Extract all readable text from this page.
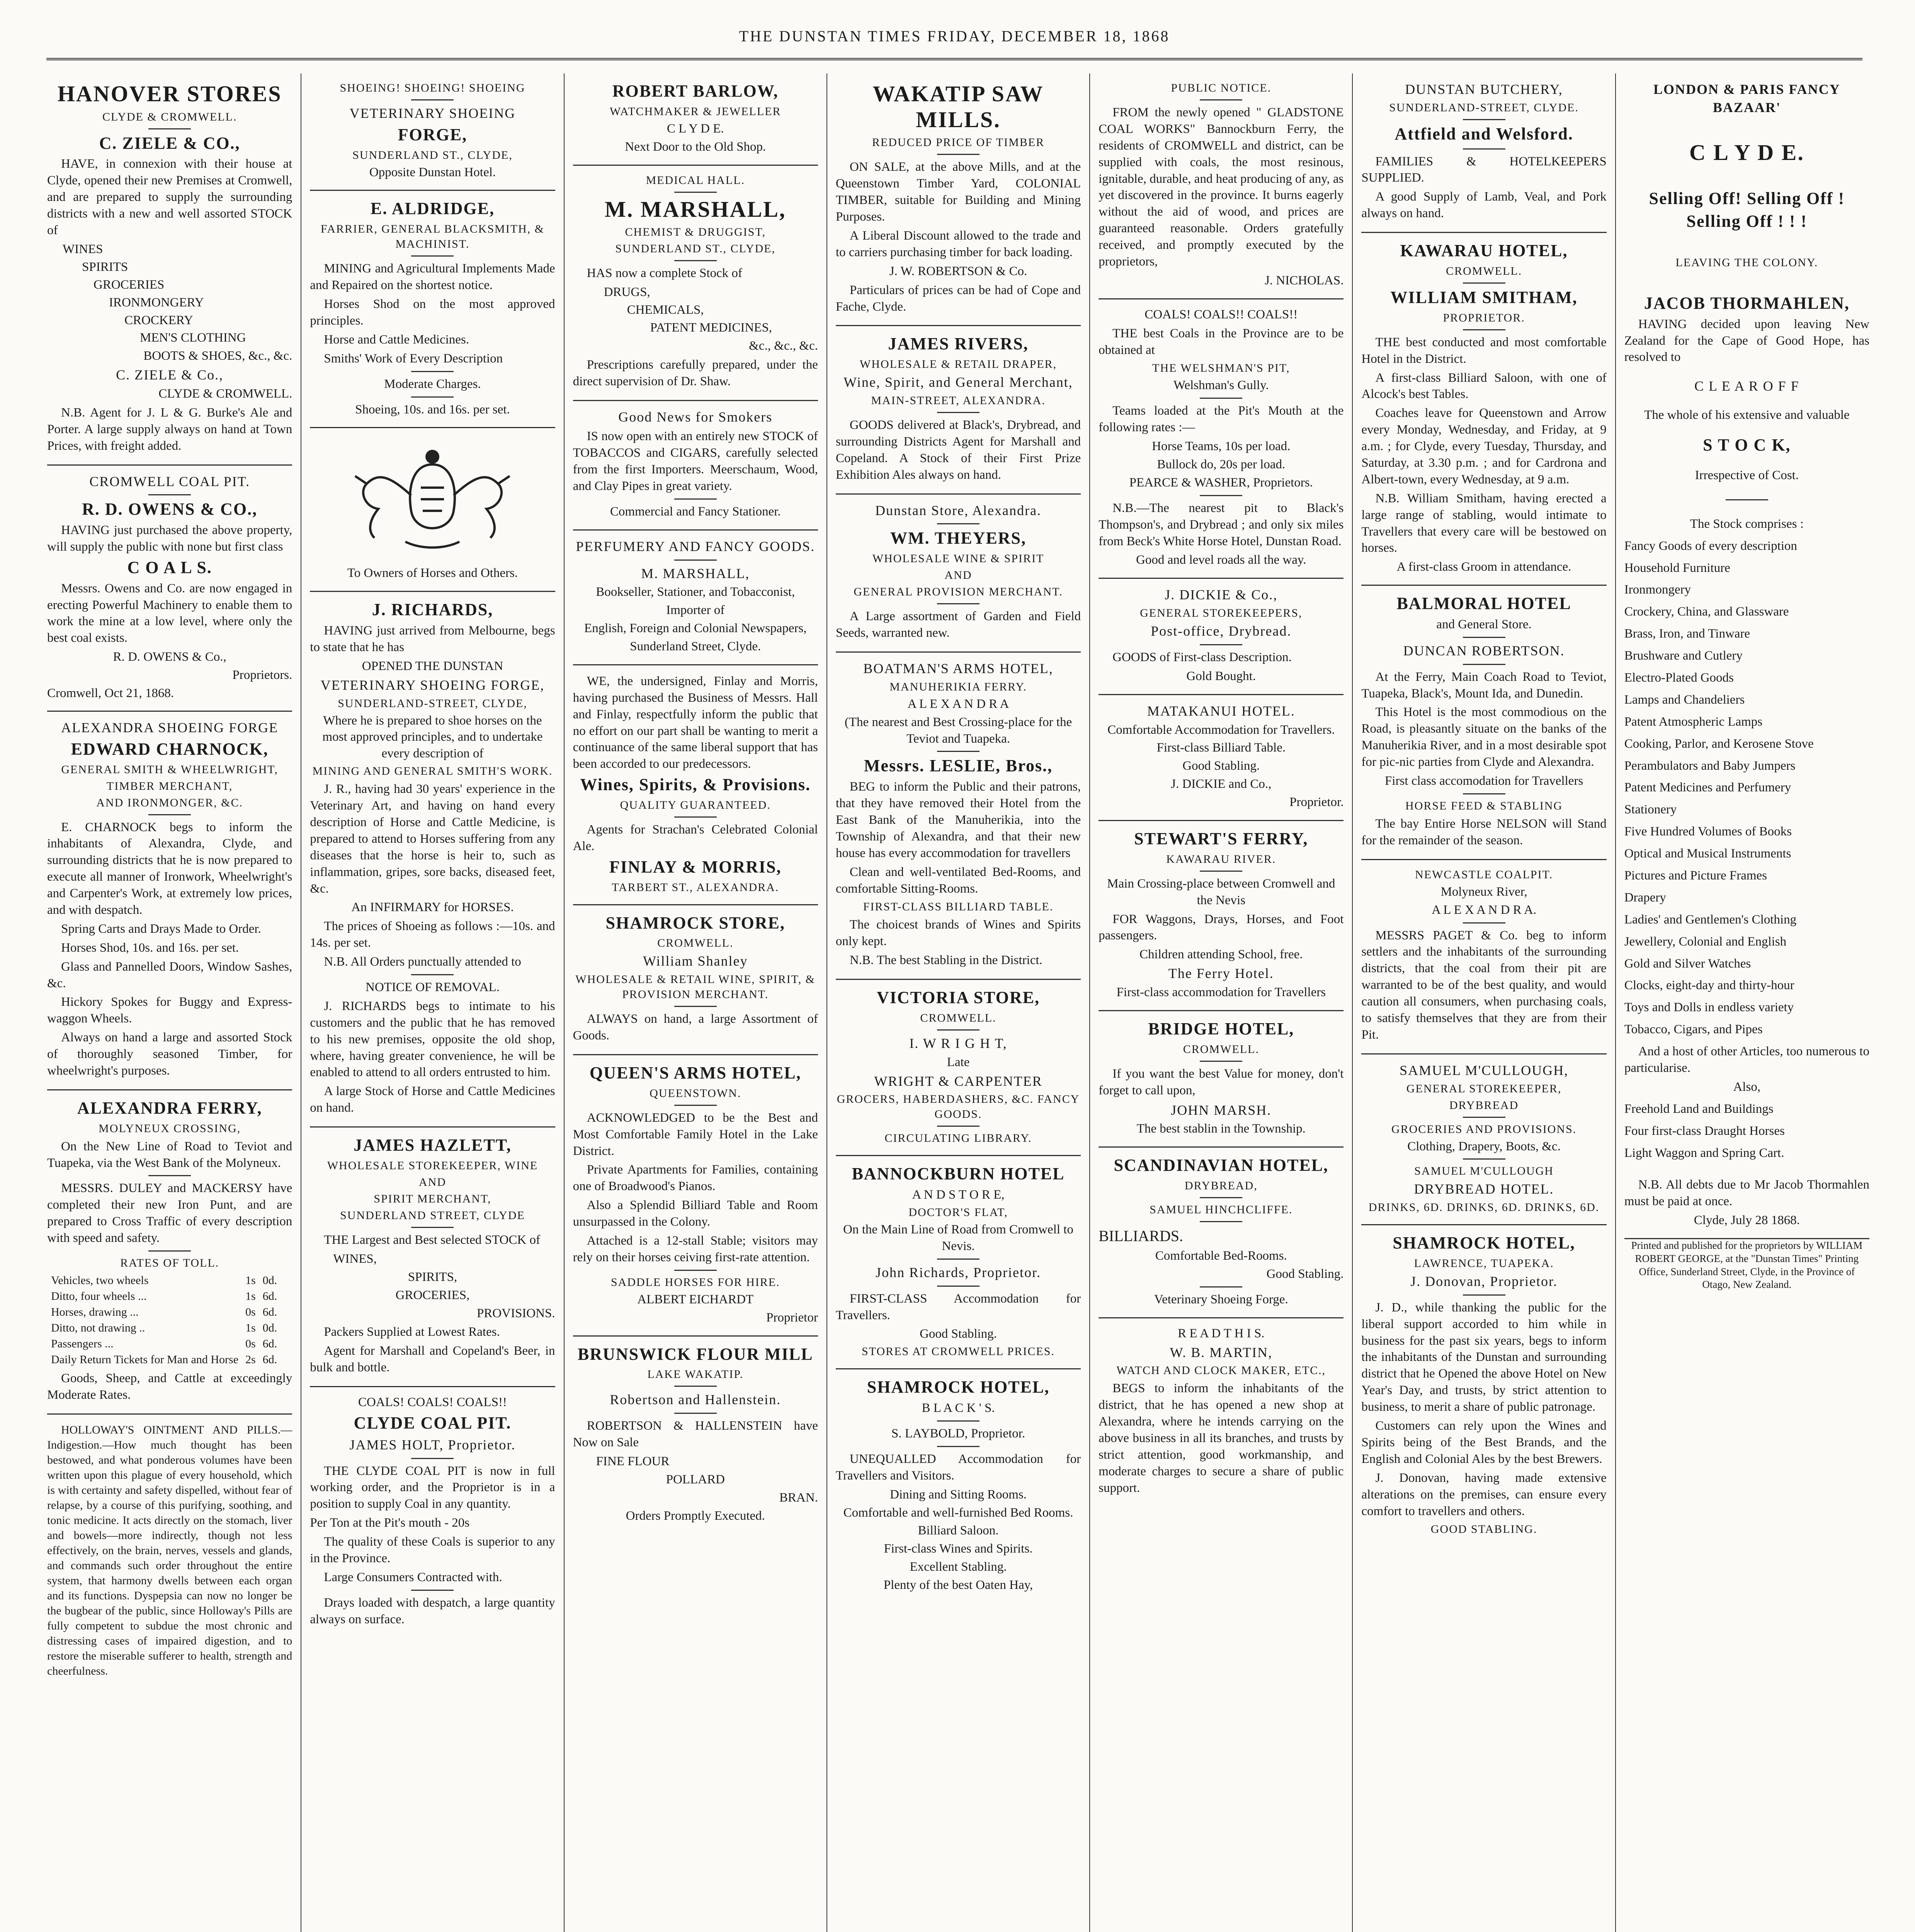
THE DUNSTAN TIMES FRIDAY, DECEMBER 18, 1868
HANOVER STORES
CLYDE & CROMWELL.
C. ZIELE & CO.,
HAVE, in connexion with their house at Clyde, opened their new Premises at Cromwell, and are prepared to supply the surrounding districts with a new and well assorted STOCK of
WINES
SPIRITS
GROCERIES
IRONMONGERY
CROCKERY
MEN'S CLOTHING
BOOTS & SHOES, &c., &c.
C. ZIELE & Co.,
CLYDE & CROMWELL.
N.B. Agent for J. L & G. Burke's Ale and Porter. A large supply always on hand at Town Prices, with freight added.
CROMWELL COAL PIT.
R. D. OWENS & CO.,
HAVING just purchased the above property, will supply the public with none but first class
C O A L S.
Messrs. Owens and Co. are now engaged in erecting Powerful Machinery to enable them to work the mine at a low level, where only the best coal exists.
R. D. OWENS & Co.,
Proprietors.
Cromwell, Oct 21, 1868.
ALEXANDRA SHOEING FORGE
EDWARD CHARNOCK,
GENERAL SMITH & WHEELWRIGHT,
TIMBER MERCHANT,
AND IRONMONGER, &C.
E. CHARNOCK begs to inform the inhabitants of Alexandra, Clyde, and surrounding districts that he is now prepared to execute all manner of Ironwork, Wheelwright's and Carpenter's Work, at extremely low prices, and with despatch.
Spring Carts and Drays Made to Order.
Horses Shod, 10s. and 16s. per set.
Glass and Pannelled Doors, Window Sashes, &c.
Hickory Spokes for Buggy and Express-waggon Wheels.
Always on hand a large and assorted Stock of thoroughly seasoned Timber, for wheelwright's purposes.
ALEXANDRA FERRY,
MOLYNEUX CROSSING,
On the New Line of Road to Teviot and Tuapeka, via the West Bank of the Molyneux.
MESSRS. DULEY and MACKERSY have completed their new Iron Punt, and are prepared to Cross Traffic of every description with speed and safety.
RATES OF TOLL.
Vehicles, two wheels	1s	0d.
Ditto, four wheels ...	1s	6d.
Horses, drawing ...	0s	6d.
Ditto, not drawing ..	1s	0d.
Passengers ...	0s	6d.
Daily Return Tickets for Man and Horse	2s	6d.
Goods, Sheep, and Cattle at exceedingly Moderate Rates.
HOLLOWAY'S OINTMENT AND PILLS.—Indigestion.—How much thought has been bestowed, and what ponderous volumes have been written upon this plague of every household, which is with certainty and safety dispelled, without fear of relapse, by a course of this purifying, soothing, and tonic medicine. It acts directly on the stomach, liver and bowels—more indirectly, though not less effectively, on the brain, nerves, vessels and glands, and commands such order throughout the entire system, that harmony dwells between each organ and its functions. Dyspepsia can now no longer be the bugbear of the public, since Holloway's Pills are fully competent to subdue the most chronic and distressing cases of impaired digestion, and to restore the miserable sufferer to health, strength and cheerfulness.
SHOEING! SHOEING! SHOEING
VETERINARY SHOEING
FORGE,
SUNDERLAND ST., CLYDE,
Opposite Dunstan Hotel.
E. ALDRIDGE,
FARRIER, GENERAL BLACKSMITH, & MACHINIST.
MINING and Agricultural Implements Made and Repaired on the shortest notice.
Horses Shod on the most approved principles.
Horse and Cattle Medicines.
Smiths' Work of Every Description
Moderate Charges.
Shoeing, 10s. and 16s. per set.
To Owners of Horses and Others.
J. RICHARDS,
HAVING just arrived from Melbourne, begs to state that he has
OPENED THE DUNSTAN
VETERINARY SHOEING FORGE,
SUNDERLAND-STREET, CLYDE,
Where he is prepared to shoe horses on the most approved principles, and to undertake every description of
MINING AND GENERAL SMITH'S WORK.
J. R., having had 30 years' experience in the Veterinary Art, and having on hand every description of Horse and Cattle Medicine, is prepared to attend to Horses suffering from any diseases that the horse is heir to, such as inflammation, gripes, sore backs, diseased feet, &c.
An INFIRMARY for HORSES.
The prices of Shoeing as follows :—10s. and 14s. per set.
N.B. All Orders punctually attended to
NOTICE OF REMOVAL.
J. RICHARDS begs to intimate to his customers and the public that he has removed to his new premises, opposite the old shop, where, having greater convenience, he will be enabled to attend to all orders entrusted to him.
A large Stock of Horse and Cattle Medicines on hand.
JAMES HAZLETT,
WHOLESALE STOREKEEPER, WINE
AND
SPIRIT MERCHANT,
SUNDERLAND STREET, CLYDE
THE Largest and Best selected STOCK of
WINES,
SPIRITS,
GROCERIES,
PROVISIONS.
Packers Supplied at Lowest Rates.
Agent for Marshall and Copeland's Beer, in bulk and bottle.
COALS! COALS! COALS!!
CLYDE COAL PIT.
JAMES HOLT, Proprietor.
THE CLYDE COAL PIT is now in full working order, and the Proprietor is in a position to supply Coal in any quantity.
Per Ton at the Pit's mouth - 20s
The quality of these Coals is superior to any in the Province.
Large Consumers Contracted with.
Drays loaded with despatch, a large quantity always on surface.
ROBERT BARLOW,
WATCHMAKER & JEWELLER
C L Y D E.
Next Door to the Old Shop.
MEDICAL HALL.
M. MARSHALL,
CHEMIST & DRUGGIST,
SUNDERLAND ST., CLYDE,
HAS now a complete Stock of
DRUGS,
CHEMICALS,
PATENT MEDICINES,
&c., &c., &c.
Prescriptions carefully prepared, under the direct supervision of Dr. Shaw.
Good News for Smokers
IS now open with an entirely new STOCK of TOBACCOS and CIGARS, carefully selected from the first Importers. Meerschaum, Wood, and Clay Pipes in great variety.
Commercial and Fancy Stationer.
PERFUMERY AND FANCY GOODS.
M. MARSHALL,
Bookseller, Stationer, and Tobacconist,
Importer of
English, Foreign and Colonial Newspapers,
Sunderland Street, Clyde.
WE, the undersigned, Finlay and Morris, having purchased the Business of Messrs. Hall and Finlay, respectfully inform the public that no effort on our part shall be wanting to merit a continuance of the same liberal support that has been accorded to our predecessors.
Wines, Spirits, & Provisions.
QUALITY GUARANTEED.
Agents for Strachan's Celebrated Colonial Ale.
FINLAY & MORRIS,
TARBERT ST., ALEXANDRA.
SHAMROCK STORE,
CROMWELL.
William Shanley
WHOLESALE & RETAIL WINE, SPIRIT, & PROVISION MERCHANT.
ALWAYS on hand, a large Assortment of Goods.
QUEEN'S ARMS HOTEL,
QUEENSTOWN.
ACKNOWLEDGED to be the Best and Most Comfortable Family Hotel in the Lake District.
Private Apartments for Families, containing one of Broadwood's Pianos.
Also a Splendid Billiard Table and Room unsurpassed in the Colony.
Attached is a 12-stall Stable; visitors may rely on their horses ceiving first-rate attention.
SADDLE HORSES FOR HIRE.
ALBERT EICHARDT
Proprietor
BRUNSWICK FLOUR MILL
LAKE WAKATIP.
Robertson and Hallenstein.
ROBERTSON & HALLENSTEIN have Now on Sale
FINE FLOUR
POLLARD
BRAN.
Orders Promptly Executed.
WAKATIP SAW MILLS.
REDUCED PRICE OF TIMBER
ON SALE, at the above Mills, and at the Queenstown Timber Yard, COLONIAL TIMBER, suitable for Building and Mining Purposes.
A Liberal Discount allowed to the trade and to carriers purchasing timber for back loading.
J. W. ROBERTSON & Co.
Particulars of prices can be had of Cope and Fache, Clyde.
JAMES RIVERS,
WHOLESALE & RETAIL DRAPER,
Wine, Spirit, and General Merchant,
MAIN-STREET, ALEXANDRA.
GOODS delivered at Black's, Drybread, and surrounding Districts Agent for Marshall and Copeland. A Stock of their First Prize Exhibition Ales always on hand.
Dunstan Store, Alexandra.
WM. THEYERS,
WHOLESALE WINE & SPIRIT
AND
GENERAL PROVISION MERCHANT.
A Large assortment of Garden and Field Seeds, warranted new.
BOATMAN'S ARMS HOTEL,
MANUHERIKIA FERRY.
A L E X A N D R A
(The nearest and Best Crossing-place for the Teviot and Tuapeka.
Messrs. LESLIE, Bros.,
BEG to inform the Public and their patrons, that they have removed their Hotel from the East Bank of the Manuherikia, into the Township of Alexandra, and that their new house has every accommodation for travellers
Clean and well-ventilated Bed-Rooms, and comfortable Sitting-Rooms.
FIRST-CLASS BILLIARD TABLE.
The choicest brands of Wines and Spirits only kept.
N.B. The best Stabling in the District.
VICTORIA STORE,
CROMWELL.
I. W R I G H T,
Late
WRIGHT & CARPENTER
GROCERS, HABERDASHERS, &C. FANCY GOODS.
CIRCULATING LIBRARY.
BANNOCKBURN HOTEL
A N D S T O R E,
DOCTOR'S FLAT,
On the Main Line of Road from Cromwell to Nevis.
John Richards, Proprietor.
FIRST-CLASS Accommodation for Travellers.
Good Stabling.
STORES AT CROMWELL PRICES.
SHAMROCK HOTEL,
B L A C K ' S.
S. LAYBOLD, Proprietor.
UNEQUALLED Accommodation for Travellers and Visitors.
Dining and Sitting Rooms.
Comfortable and well-furnished Bed Rooms.
Billiard Saloon.
First-class Wines and Spirits.
Excellent Stabling.
Plenty of the best Oaten Hay,
PUBLIC NOTICE.
FROM the newly opened " GLADSTONE COAL WORKS" Bannockburn Ferry, the residents of CROMWELL and district, can be supplied with coals, the most resinous, ignitable, durable, and heat producing of any, as yet discovered in the province. It burns eagerly without the aid of wood, and prices are guaranteed reasonable. Orders gratefully received, and promptly executed by the proprietors,
J. NICHOLAS.
COALS! COALS!! COALS!!
THE best Coals in the Province are to be obtained at
THE WELSHMAN'S PIT,
Welshman's Gully.
Teams loaded at the Pit's Mouth at the following rates :—
Horse Teams, 10s per load.
Bullock do, 20s per load.
PEARCE & WASHER, Proprietors.
N.B.—The nearest pit to Black's Thompson's, and Drybread ; and only six miles from Beck's White Horse Hotel, Dunstan Road.
Good and level roads all the way.
J. DICKIE & Co.,
GENERAL STOREKEEPERS,
Post-office, Drybread.
GOODS of First-class Description.
Gold Bought.
MATAKANUI HOTEL.
Comfortable Accommodation for Travellers.
First-class Billiard Table.
Good Stabling.
J. DICKIE and Co.,
Proprietor.
STEWART'S FERRY,
KAWARAU RIVER.
Main Crossing-place between Cromwell and the Nevis
FOR Waggons, Drays, Horses, and Foot passengers.
Children attending School, free.
The Ferry Hotel.
First-class accommodation for Travellers
BRIDGE HOTEL,
CROMWELL.
If you want the best Value for money, don't forget to call upon,
JOHN MARSH.
The best stablin in the Township.
SCANDINAVIAN HOTEL,
DRYBREAD,
SAMUEL HINCHCLIFFE.
BILLIARDS.
Comfortable Bed-Rooms.
Good Stabling.
Veterinary Shoeing Forge.
R E A D T H I S.
W. B. MARTIN,
WATCH AND CLOCK MAKER, ETC.,
BEGS to inform the inhabitants of the district, that he has opened a new shop at Alexandra, where he intends carrying on the above business in all its branches, and trusts by strict attention, good workmanship, and moderate charges to secure a share of public support.
DUNSTAN BUTCHERY,
SUNDERLAND-STREET, CLYDE.
Attfield and Welsford.
FAMILIES & HOTELKEEPERS SUPPLIED.
A good Supply of Lamb, Veal, and Pork always on hand.
KAWARAU HOTEL,
CROMWELL.
WILLIAM SMITHAM,
PROPRIETOR.
THE best conducted and most comfortable Hotel in the District.
A first-class Billiard Saloon, with one of Alcock's best Tables.
Coaches leave for Queenstown and Arrow every Monday, Wednesday, and Friday, at 9 a.m. ; for Clyde, every Tuesday, Thursday, and Saturday, at 3.30 p.m. ; and for Cardrona and Albert-town, every Wednesday, at 9 a.m.
N.B. William Smitham, having erected a large range of stabling, would intimate to Travellers that every care will be bestowed on horses.
A first-class Groom in attendance.
BALMORAL HOTEL
and General Store.
DUNCAN ROBERTSON.
At the Ferry, Main Coach Road to Teviot, Tuapeka, Black's, Mount Ida, and Dunedin.
This Hotel is the most commodious on the Road, is pleasantly situate on the banks of the Manuherikia River, and in a most desirable spot for pic-nic parties from Clyde and Alexandra.
First class accomodation for Travellers
HORSE FEED & STABLING
The bay Entire Horse NELSON will Stand for the remainder of the season.
NEWCASTLE COALPIT.
Molyneux River,
A L E X A N D R A.
MESSRS PAGET & Co. beg to inform settlers and the inhabitants of the surrounding districts, that the coal from their pit are warranted to be of the best quality, and would caution all consumers, when purchasing coals, to satisfy themselves that they are from their Pit.
SAMUEL M'CULLOUGH,
GENERAL STOREKEEPER,
DRYBREAD
GROCERIES AND PROVISIONS.
Clothing, Drapery, Boots, &c.
SAMUEL M'CULLOUGH
DRYBREAD HOTEL.
DRINKS, 6D. DRINKS, 6D. DRINKS, 6D.
SHAMROCK HOTEL,
LAWRENCE, TUAPEKA.
J. Donovan, Proprietor.
J. D., while thanking the public for the liberal support accorded to him while in business for the past six years, begs to inform the inhabitants of the Dunstan and surrounding district that he Opened the above Hotel on New Year's Day, and trusts, by strict attention to business, to merit a share of public patronage.
Customers can rely upon the Wines and Spirits being of the Best Brands, and the English and Colonial Ales by the best Brewers.
J. Donovan, having made extensive alterations on the premises, can ensure every comfort to travellers and others.
GOOD STABLING.
LONDON & PARIS FANCY BAZAAR'
C L Y D E.
Selling Off! Selling Off !
Selling Off ! ! !
LEAVING THE COLONY.
JACOB THORMAHLEN,
HAVING decided upon leaving New Zealand for the Cape of Good Hope, has resolved to
C L E A R O F F
The whole of his extensive and valuable
S T O C K,
Irrespective of Cost.
The Stock comprises :
Fancy Goods of every description
Household Furniture
Ironmongery
Crockery, China, and Glassware
Brass, Iron, and Tinware
Brushware and Cutlery
Electro-Plated Goods
Lamps and Chandeliers
Patent Atmospheric Lamps
Cooking, Parlor, and Kerosene Stove
Perambulators and Baby Jumpers
Patent Medicines and Perfumery
Stationery
Five Hundred Volumes of Books
Optical and Musical Instruments
Pictures and Picture Frames
Drapery
Ladies' and Gentlemen's Clothing
Jewellery, Colonial and English
Gold and Silver Watches
Clocks, eight-day and thirty-hour
Toys and Dolls in endless variety
Tobacco, Cigars, and Pipes
And a host of other Articles, too numerous to particularise.
Also,
Freehold Land and Buildings
Four first-class Draught Horses
Light Waggon and Spring Cart.
N.B. All debts due to Mr Jacob Thormahlen must be paid at once.
Clyde, July 28 1868.
Printed and published for the proprietors by WILLIAM ROBERT GEORGE, at the "Dunstan Times" Printing Office, Sunderland Street, Clyde, in the Province of Otago, New Zealand.
